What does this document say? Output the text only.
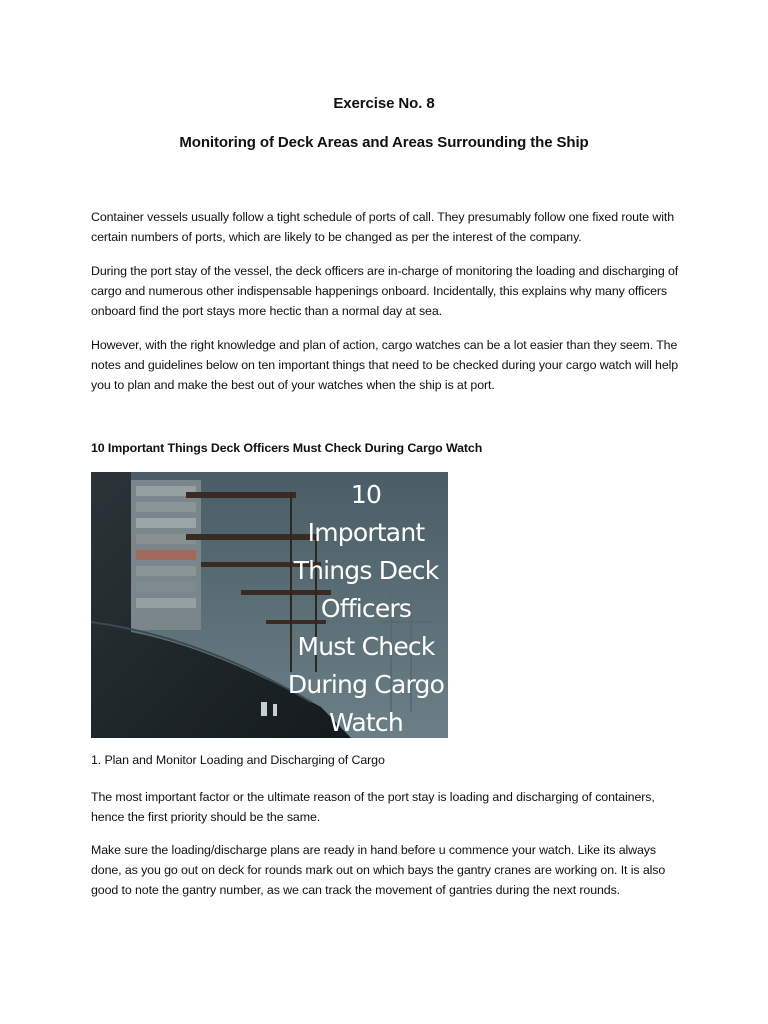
Exercise No. 8
Monitoring of Deck Areas and Areas Surrounding the Ship

Container vessels usually follow a tight schedule of ports of call. They presumably follow one fixed route with certain numbers of ports, which are likely to be changed as per the interest of the company.

During the port stay of the vessel, the deck officers are in-charge of monitoring the loading and discharging of cargo and numerous other indispensable happenings onboard. Incidentally, this explains why many officers onboard find the port stays more hectic than a normal day at sea.

However, with the right knowledge and plan of action, cargo watches can be a lot easier than they seem. The notes and guidelines below on ten important things that need to be checked during your cargo watch will help you to plan and make the best out of your watches when the ship is at port.

10 Important Things Deck Officers Must Check During Cargo Watch

10
Important
Things Deck
Officers
Must Check
During Cargo
Watch

1. Plan and Monitor Loading and Discharging of Cargo

The most important factor or the ultimate reason of the port stay is loading and discharging of containers, hence the first priority should be the same.

Make sure the loading/discharge plans are ready in hand before u commence your watch. Like its always done, as you go out on deck for rounds mark out on which bays the gantry cranes are working on. It is also good to note the gantry number, as we can track the movement of gantries during the next rounds.
